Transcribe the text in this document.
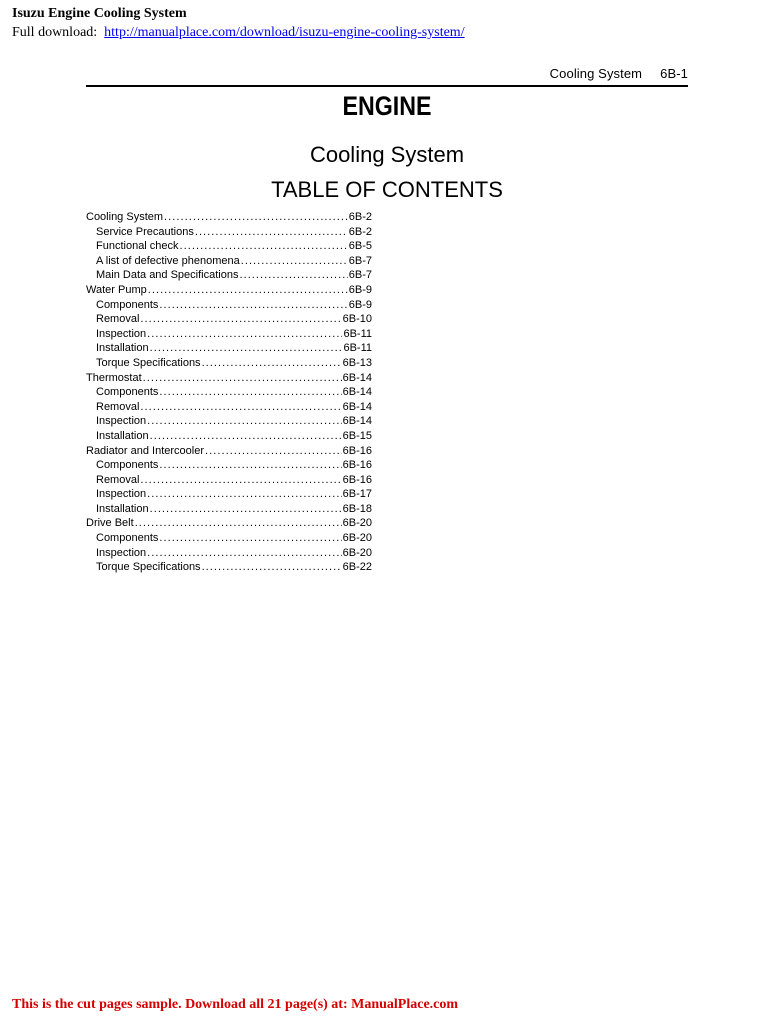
Isuzu Engine Cooling System
Full download: http://manualplace.com/download/isuzu-engine-cooling-system/
Cooling System 6B-1
ENGINE
Cooling System
TABLE OF CONTENTS
Cooling System . . .	6B-2
Service Precautions . . .	6B-2
Functional check . . .	6B-5
A list of defective phenomena . . .	6B-7
Main Data and Specifications . . .	6B-7
Water Pump . . .	6B-9
Components . . .	6B-9
Removal . . .	6B-10
Inspection . . .	6B-11
Installation . . .	6B-11
Torque Specifications . . .	6B-13
Thermostat . . .	6B-14
Components . . .	6B-14
Removal . . .	6B-14
Inspection . . .	6B-14
Installation . . .	6B-15
Radiator and Intercooler . . .	6B-16
Components . . .	6B-16
Removal . . .	6B-16
Inspection . . .	6B-17
Installation . . .	6B-18
Drive Belt . . .	6B-20
Components . . .	6B-20
Inspection . . .	6B-20
Torque Specifications . . .	6B-22
This is the cut pages sample. Download all 21 page(s) at: ManualPlace.com
